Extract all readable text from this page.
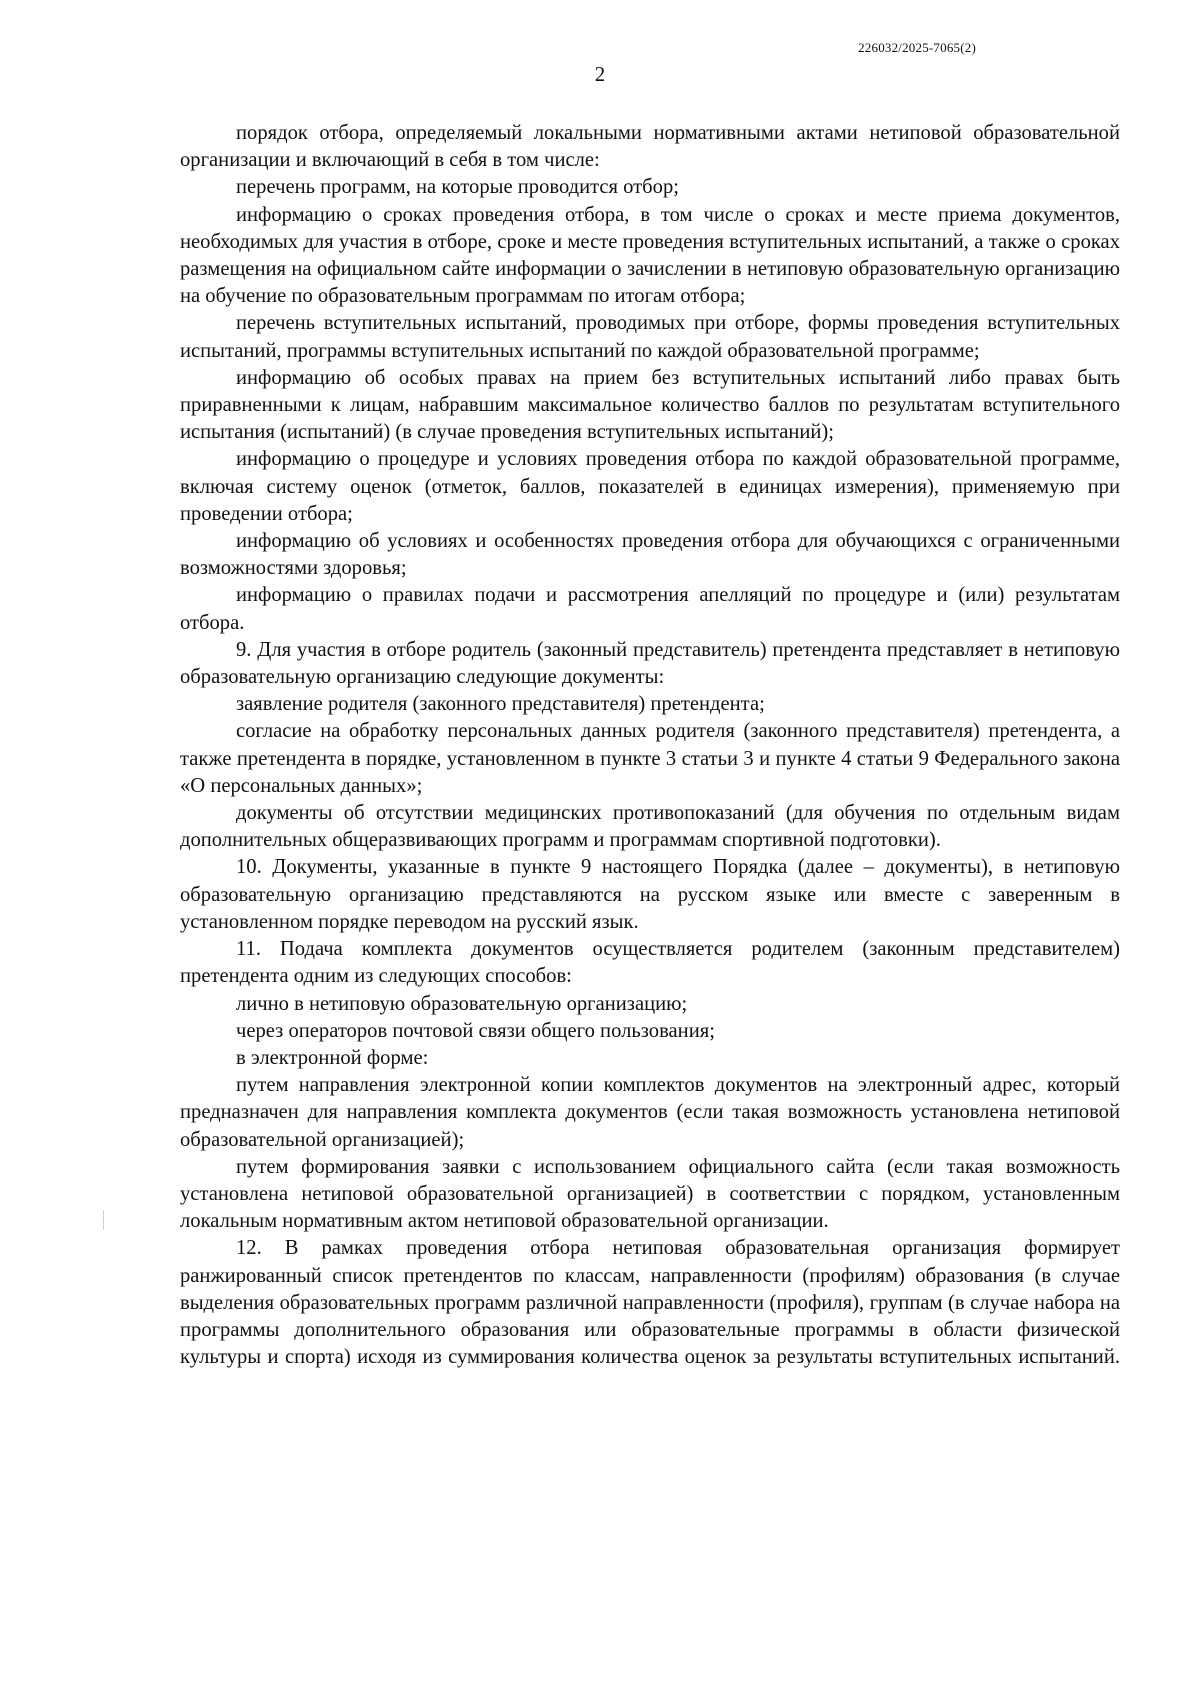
226032/2025-7065(2)
2

порядок отбора, определяемый локальными нормативными актами нетиповой образовательной организации и включающий в себя в том числе:

перечень программ, на которые проводится отбор;

информацию о сроках проведения отбора, в том числе о сроках и месте приема документов, необходимых для участия в отборе, сроке и месте проведения вступительных испытаний, а также о сроках размещения на официальном сайте информации о зачислении в нетиповую образовательную организацию на обучение по образовательным программам по итогам отбора;

перечень вступительных испытаний, проводимых при отборе, формы проведения вступительных испытаний, программы вступительных испытаний по каждой образовательной программе;

информацию об особых правах на прием без вступительных испытаний либо правах быть приравненными к лицам, набравшим максимальное количество баллов по результатам вступительного испытания (испытаний) (в случае проведения вступительных испытаний);

информацию о процедуре и условиях проведения отбора по каждой образовательной программе, включая систему оценок (отметок, баллов, показателей в единицах измерения), применяемую при проведении отбора;

информацию об условиях и особенностях проведения отбора для обучающихся с ограниченными возможностями здоровья;

информацию о правилах подачи и рассмотрения апелляций по процедуре и (или) результатам отбора.

9. Для участия в отборе родитель (законный представитель) претендента представляет в нетиповую образовательную организацию следующие документы:

заявление родителя (законного представителя) претендента;

согласие на обработку персональных данных родителя (законного представителя) претендента, а также претендента в порядке, установленном в пункте 3 статьи 3 и пункте 4 статьи 9 Федерального закона «О персональных данных»;

документы об отсутствии медицинских противопоказаний (для обучения по отдельным видам дополнительных общеразвивающих программ и программам спортивной подготовки).

10. Документы, указанные в пункте 9 настоящего Порядка (далее – документы), в нетиповую образовательную организацию представляются на русском языке или вместе с заверенным в установленном порядке переводом на русский язык.

11. Подача комплекта документов осуществляется родителем (законным представителем) претендента одним из следующих способов:

лично в нетиповую образовательную организацию;

через операторов почтовой связи общего пользования;

в электронной форме:

путем направления электронной копии комплектов документов на электронный адрес, который предназначен для направления комплекта документов (если такая возможность установлена нетиповой образовательной организацией);

путем формирования заявки с использованием официального сайта (если такая возможность установлена нетиповой образовательной организацией) в соответствии с порядком, установленным локальным нормативным актом нетиповой образовательной организации.

12. В рамках проведения отбора нетиповая образовательная организация формирует ранжированный список претендентов по классам, направленности (профилям) образования (в случае выделения образовательных программ различной направленности (профиля), группам (в случае набора на программы дополнительного образования или образовательные программы в области физической культуры и спорта) исходя из суммирования количества оценок за результаты вступительных испытаний.
